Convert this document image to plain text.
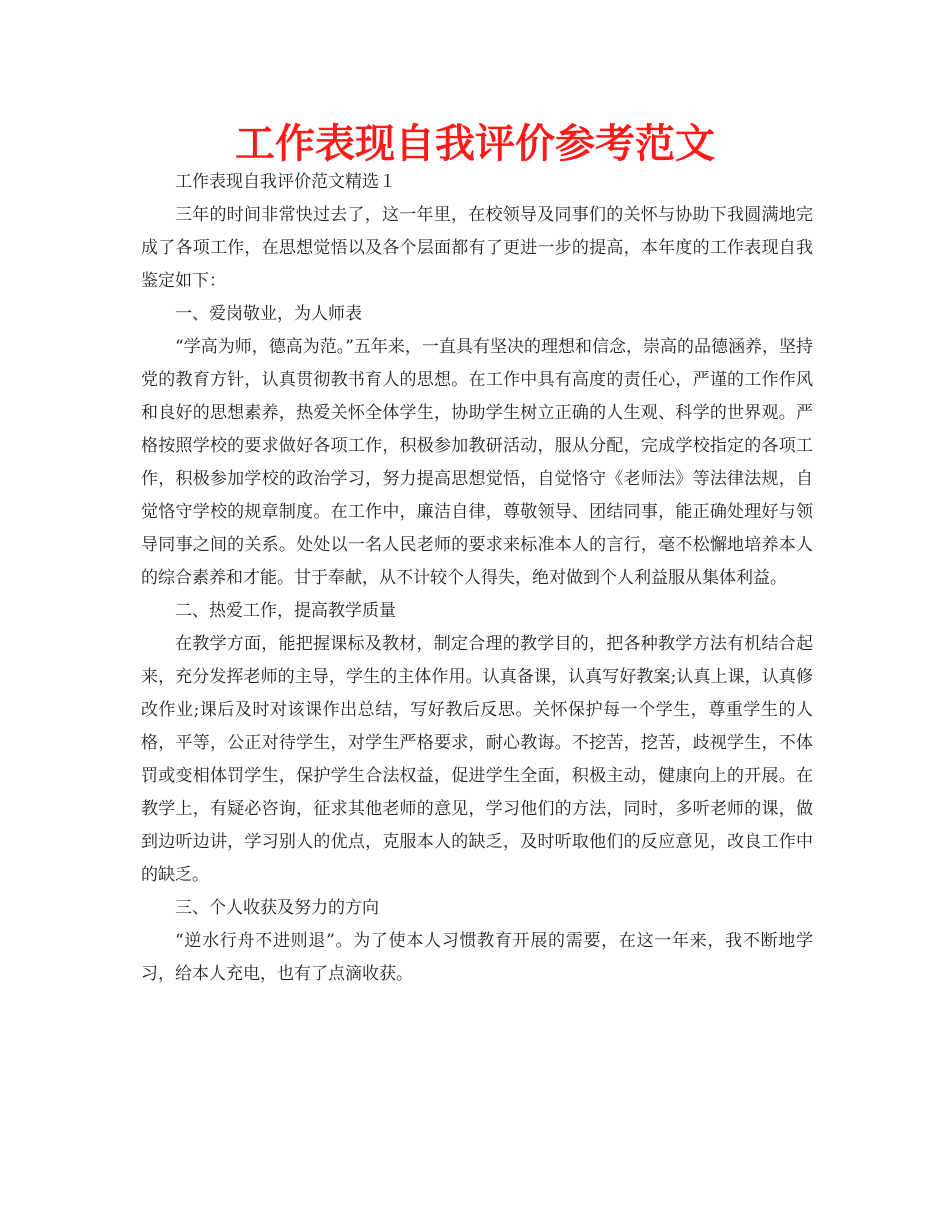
工作表现自我评价参考范文

工作表现自我评价范文精选１

三年的时间非常快过去了，这一年里，在校领导及同事们的关怀与协助下我圆满地完成了各项工作，在思想觉悟以及各个层面都有了更进一步的提高，本年度的工作表现自我鉴定如下：

一、爱岗敬业，为人师表

“学高为师，德高为范。”五年来，一直具有坚决的理想和信念，崇高的品德涵养，坚持党的教育方针，认真贯彻教书育人的思想。在工作中具有高度的责任心，严谨的工作作风和良好的思想素养，热爱关怀全体学生，协助学生树立正确的人生观、科学的世界观。严格按照学校的要求做好各项工作，积极参加教研活动，服从分配，完成学校指定的各项工作，积极参加学校的政治学习，努力提高思想觉悟，自觉恪守《老师法》等法律法规，自觉恪守学校的规章制度。在工作中，廉洁自律，尊敬领导、团结同事，能正确处理好与领导同事之间的关系。处处以一名人民老师的要求来标准本人的言行，毫不松懈地培养本人的综合素养和才能。甘于奉献，从不计较个人得失，绝对做到个人利益服从集体利益。

二、热爱工作，提高教学质量

在教学方面，能把握课标及教材，制定合理的教学目的，把各种教学方法有机结合起来，充分发挥老师的主导，学生的主体作用。认真备课，认真写好教案;认真上课，认真修改作业;课后及时对该课作出总结，写好教后反思。关怀保护每一个学生，尊重学生的人格，平等，公正对待学生，对学生严格要求，耐心教诲。不挖苦，挖苦，歧视学生，不体罚或变相体罚学生，保护学生合法权益，促进学生全面，积极主动，健康向上的开展。在教学上，有疑必咨询，征求其他老师的意见，学习他们的方法，同时，多听老师的课，做到边听边讲，学习别人的优点，克服本人的缺乏，及时听取他们的反应意见，改良工作中的缺乏。

三、个人收获及努力的方向

“逆水行舟不进则退”。为了使本人习惯教育开展的需要，在这一年来，我不断地学习，给本人充电，也有了点滴收获。
